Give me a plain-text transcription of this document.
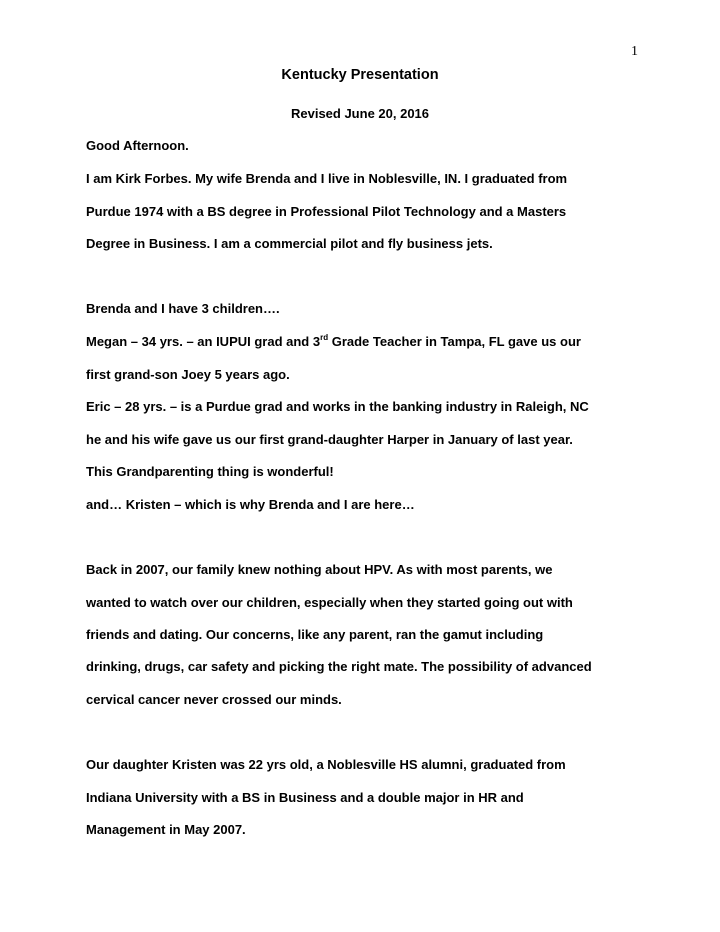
1
Kentucky Presentation
Revised June 20, 2016
Good Afternoon.
I am Kirk Forbes. My wife Brenda and I live in Noblesville, IN. I graduated from
Purdue 1974 with a BS degree in Professional Pilot Technology and a Masters
Degree in Business. I am a commercial pilot and fly business jets.
Brenda and I have 3 children….
Megan – 34 yrs. – an IUPUI grad and 3rd Grade Teacher in Tampa, FL gave us our
first grand-son Joey 5 years ago.
Eric – 28 yrs. – is a Purdue grad and works in the banking industry in Raleigh, NC
he and his wife gave us our first grand-daughter Harper in January of last year.
This Grandparenting thing is wonderful!
and… Kristen – which is why Brenda and I are here…
Back in 2007, our family knew nothing about HPV. As with most parents, we
wanted to watch over our children, especially when they started going out with
friends and dating. Our concerns, like any parent, ran the gamut including
drinking, drugs, car safety and picking the right mate. The possibility of advanced
cervical cancer never crossed our minds.
Our daughter Kristen was 22 yrs old, a Noblesville HS alumni, graduated from
Indiana University with a BS in Business and a double major in HR and
Management in May 2007.
